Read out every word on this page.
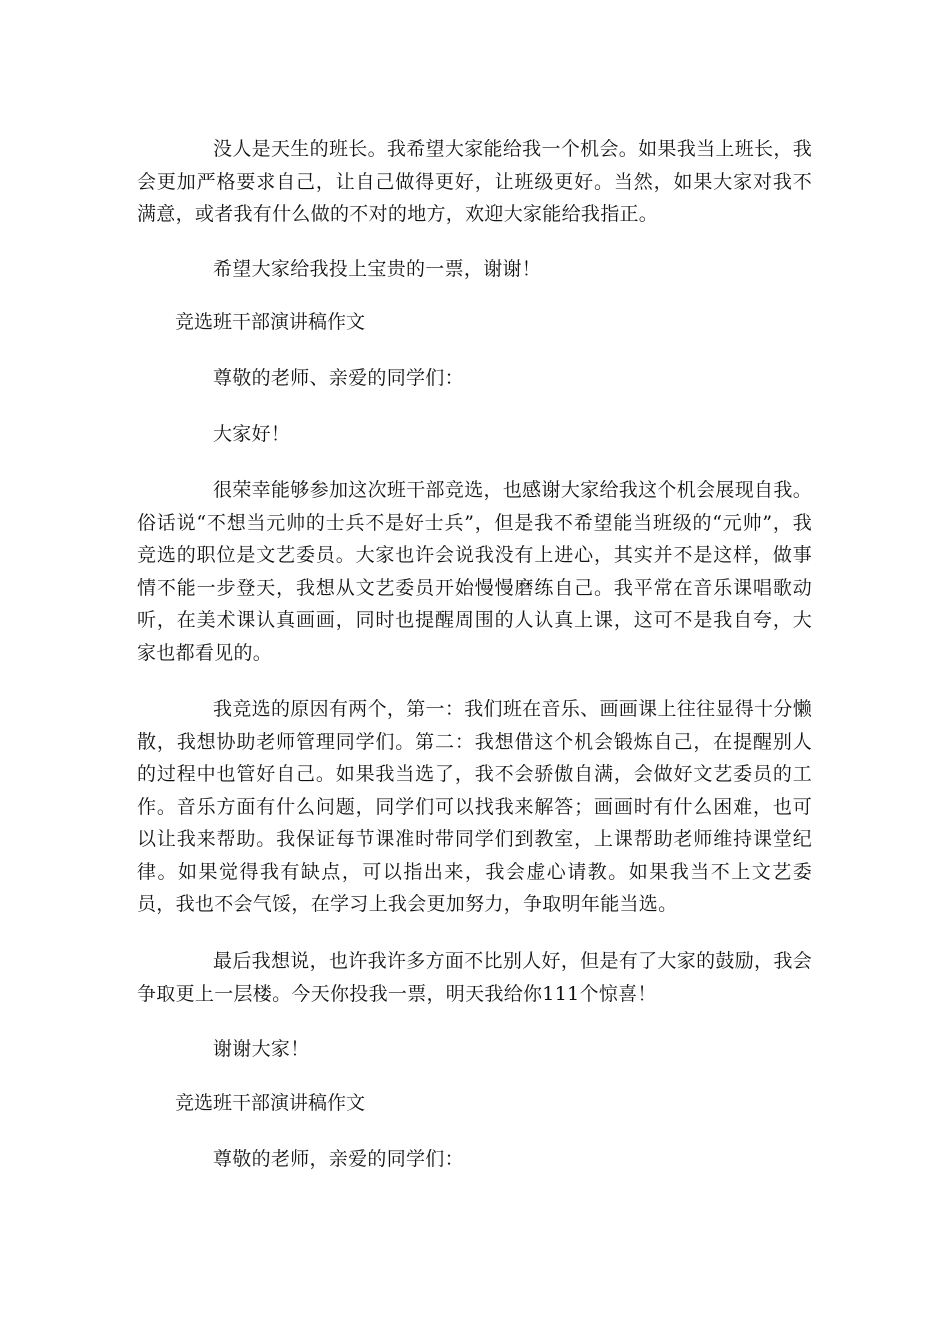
没人是天生的班长。我希望大家能给我一个机会。如果我当上班长，我会更加严格要求自己，让自己做得更好，让班级更好。当然，如果大家对我不满意，或者我有什么做的不对的地方，欢迎大家能给我指正。

希望大家给我投上宝贵的一票，谢谢！

竞选班干部演讲稿作文

尊敬的老师、亲爱的同学们：

大家好！

很荣幸能够参加这次班干部竞选，也感谢大家给我这个机会展现自我。俗话说“不想当元帅的士兵不是好士兵”，但是我不希望能当班级的“元帅”，我竞选的职位是文艺委员。大家也许会说我没有上进心，其实并不是这样，做事情不能一步登天，我想从文艺委员开始慢慢磨练自己。我平常在音乐课唱歌动听，在美术课认真画画，同时也提醒周围的人认真上课，这可不是我自夸，大家也都看见的。

我竞选的原因有两个，第一：我们班在音乐、画画课上往往显得十分懒散，我想协助老师管理同学们。第二：我想借这个机会锻炼自己，在提醒别人的过程中也管好自己。如果我当选了，我不会骄傲自满，会做好文艺委员的工作。音乐方面有什么问题，同学们可以找我来解答；画画时有什么困难，也可以让我来帮助。我保证每节课准时带同学们到教室，上课帮助老师维持课堂纪律。如果觉得我有缺点，可以指出来，我会虚心请教。如果我当不上文艺委员，我也不会气馁，在学习上我会更加努力，争取明年能当选。

最后我想说，也许我许多方面不比别人好，但是有了大家的鼓励，我会争取更上一层楼。今天你投我一票，明天我给你111个惊喜！

谢谢大家！

竞选班干部演讲稿作文

尊敬的老师，亲爱的同学们：
